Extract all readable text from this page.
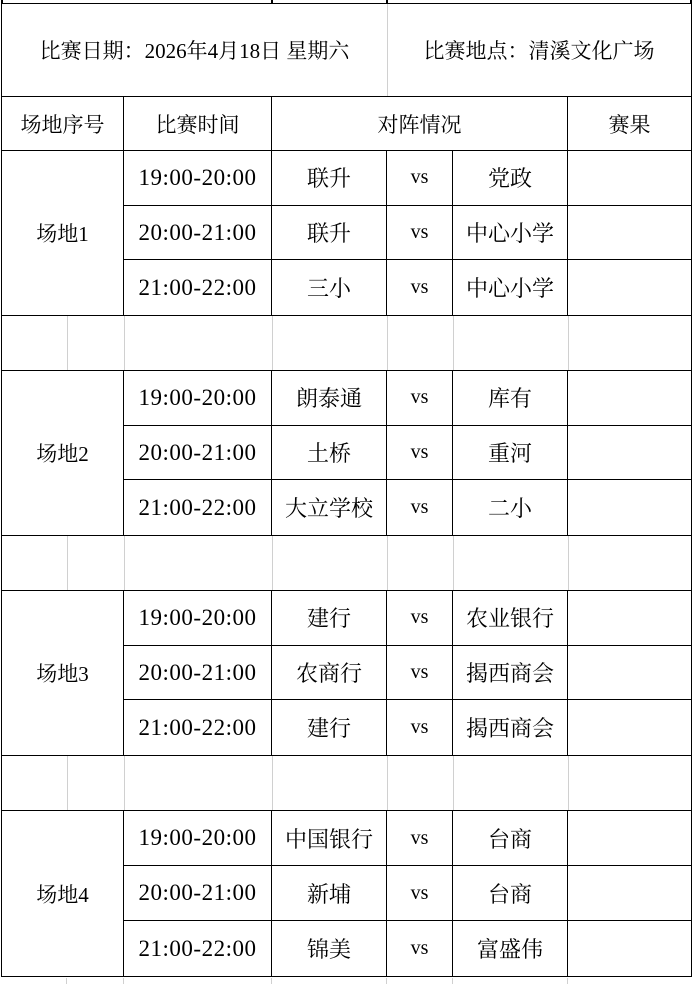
比赛日期：2026年4月18日 星期六	比赛地点：清溪文化广场
场地序号	比赛时间	对阵情况	赛果
场地1
19:00-20:00	联升	vs	党政
20:00-21:00	联升	vs	中心小学
21:00-22:00	三小	vs	中心小学
场地2
19:00-20:00	朗泰通	vs	库有
20:00-21:00	土桥	vs	重河
21:00-22:00	大立学校	vs	二小
场地3
19:00-20:00	建行	vs	农业银行
20:00-21:00	农商行	vs	揭西商会
21:00-22:00	建行	vs	揭西商会
场地4
19:00-20:00	中国银行	vs	台商
20:00-21:00	新埔	vs	台商
21:00-22:00	锦美	vs	富盛伟
